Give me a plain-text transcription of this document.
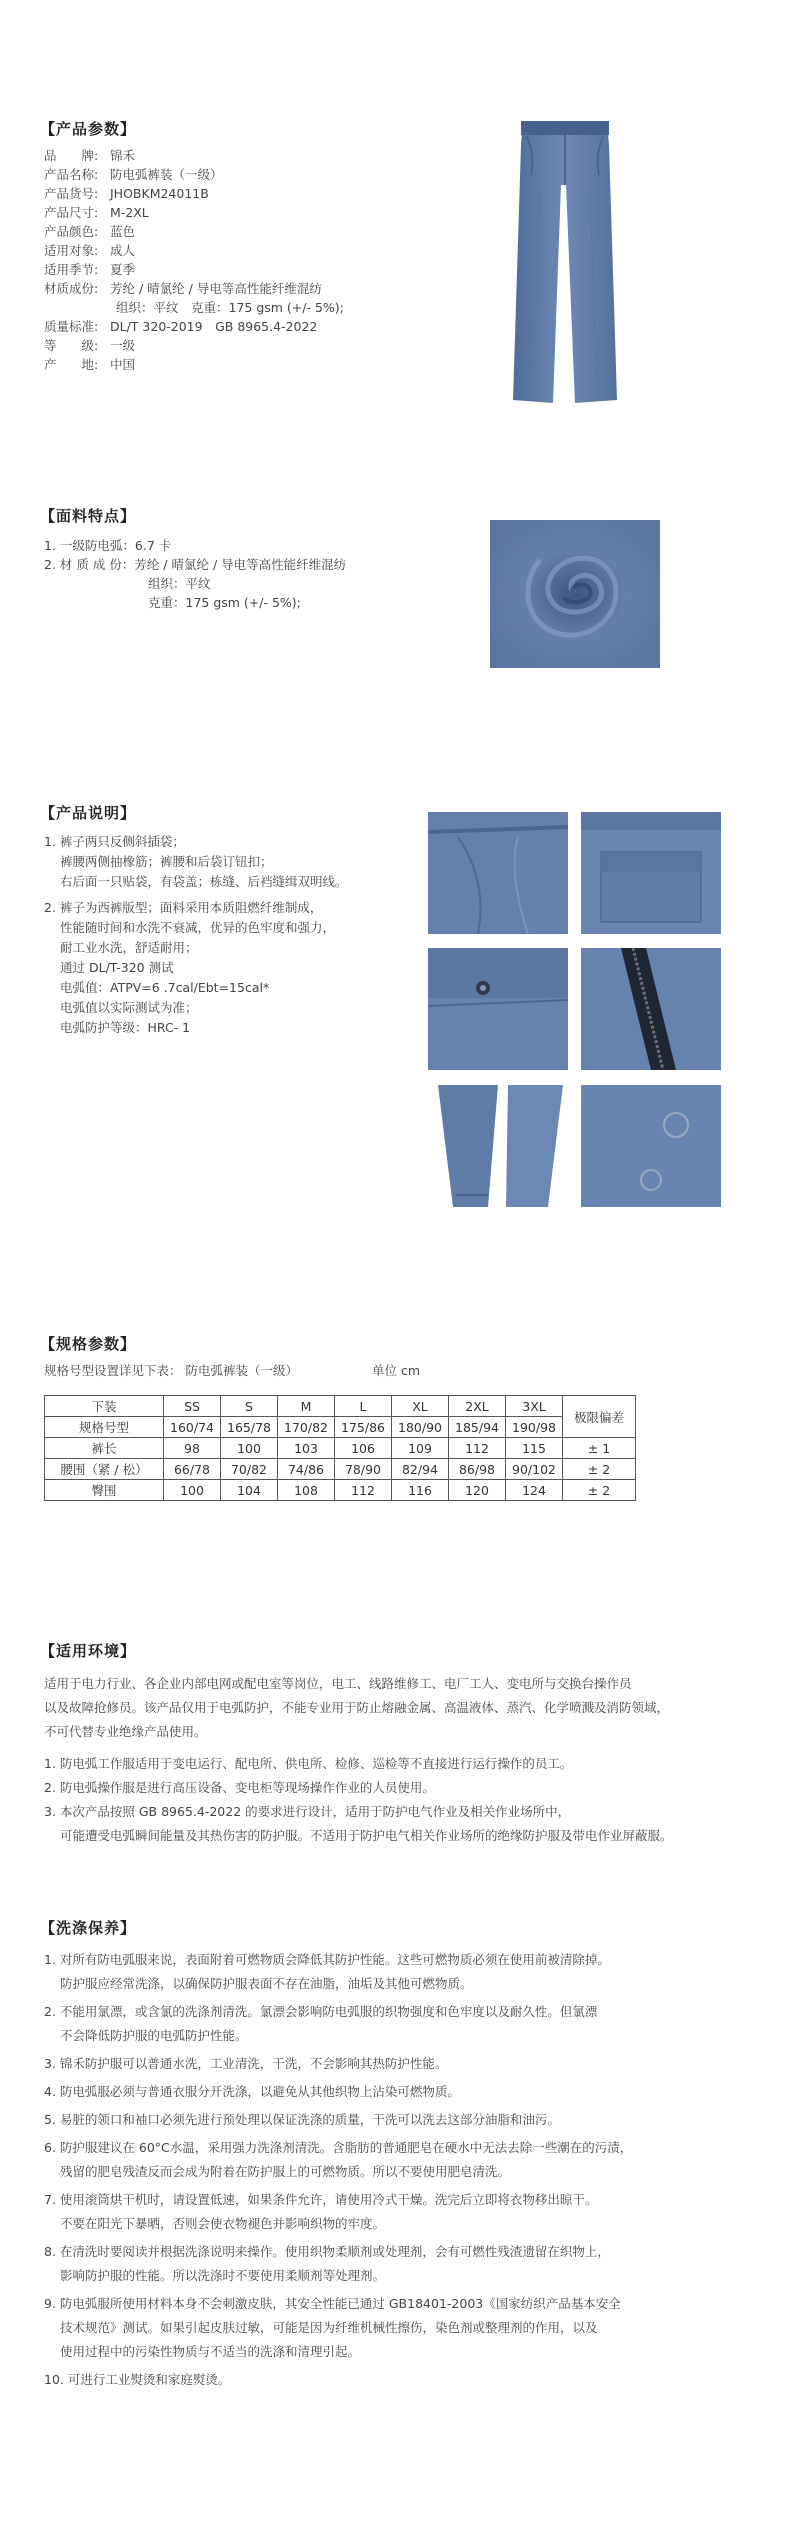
【产品参数】
品　　牌: 锦禾
产品名称: 防电弧裤装（一级）
产品货号: JHOBKM24011B
产品尺寸: M-2XL
产品颜色: 蓝色
适用对象: 成人
适用季节: 夏季
材质成份: 芳纶 / 晴氯纶 / 导电等高性能纤维混纺
组织：平纹　克重：175 gsm (+/- 5%);
质量标准: DL/T 320-2019　GB 8965.4-2022
等　　级: 一级
产　　地: 中国
【面料特点】
1. 一级防电弧：6.7 卡
2. 材 质 成 份：芳纶 / 晴氯纶 / 导电等高性能纤维混纺
组织：平纹
克重：175 gsm (+/- 5%);
【产品说明】
1. 裤子两只反侧斜插袋；
裤腰两侧抽橡筋；裤腰和后袋订钮扣；
右后面一只贴袋，有袋盖；栋缝、后裆缝缉双明线。
2. 裤子为西裤版型；面料采用本质阻燃纤维制成，
性能随时间和水洗不衰减，优异的色牢度和强力，
耐工业水洗，舒适耐用；
通过 DL/T-320 测试
电弧值：ATPV=6 .7cal/Ebt=15cal*
电弧值以实际测试为准；
电弧防护等级：HRC- 1
【规格参数】
规格号型设置详见下表： 防电弧裤装（一级）	单位 cm
下装	SS	S	M	L	XL	2XL	3XL	极限偏差
规格号型	160/74	165/78	170/82	175/86	180/90	185/94	190/98	
裤长	98	100	103	106	109	112	115	± 1
腰围（紧 / 松）	66/78	70/82	74/86	78/90	82/94	86/98	90/102	± 2
臀围	100	104	108	112	116	120	124	± 2
【适用环境】
适用于电力行业、各企业内部电网或配电室等岗位，电工、线路维修工、电厂工人、变电所与交换台操作员
以及故障抢修员。该产品仅用于电弧防护，不能专业用于防止熔融金属、高温液体、蒸汽、化学喷溅及消防领域，
不可代替专业绝缘产品使用。
1. 防电弧工作服适用于变电运行、配电所、供电所、检修、巡检等不直接进行运行操作的员工。
2. 防电弧操作服是进行高压设备、变电柜等现场操作作业的人员使用。
3. 本次产品按照 GB 8965.4-2022 的要求进行设计，适用于防护电气作业及相关作业场所中，
可能遭受电弧瞬间能量及其热伤害的防护服。不适用于防护电气相关作业场所的绝缘防护服及带电作业屏蔽服。
【洗涤保养】

1. 对所有防电弧服来说，表面附着可燃物质会降低其防护性能。这些可燃物质必须在使用前被清除掉。
防护服应经常洗涤，以确保防护服表面不存在油脂，油垢及其他可燃物质。

2. 不能用氯漂，或含氯的洗涤剂清洗。氯漂会影响防电弧服的织物强度和色牢度以及耐久性。但氯漂
不会降低防护服的电弧防护性能。

3. 锦禾防护服可以普通水洗，工业清洗，干洗，不会影响其热防护性能。

4. 防电弧服必须与普通衣服分开洗涤，以避免从其他织物上沾染可燃物质。

5. 易脏的领口和袖口必须先进行预处理以保证洗涤的质量，干洗可以洗去这部分油脂和油污。

6. 防护服建议在 60°C水温，采用强力洗涤剂清洗。含脂肪的普通肥皂在硬水中无法去除一些潮在的污渍，
残留的肥皂残渣反而会成为附着在防护服上的可燃物质。所以不要使用肥皂清洗。

7. 使用滚筒烘干机时，请设置低速，如果条件允许，请使用冷式干燥。洗完后立即将衣物移出晾干。
不要在阳光下暴晒，否则会使衣物褪色并影响织物的牢度。

8. 在清洗时要阅读并根据洗涤说明来操作。使用织物柔顺剂或处理剂，会有可燃性残渣遗留在织物上，
影响防护服的性能。所以洗涤时不要使用柔顺剂等处理剂。

9. 防电弧服所使用材料本身不会刺激皮肤，其安全性能已通过 GB18401-2003《国家纺织产品基本安全
技术规范》测试。如果引起皮肤过敏，可能是因为纤维机械性擦伤，染色剂或整理剂的作用，以及
使用过程中的污染性物质与不适当的洗涤和清理引起。

10. 可进行工业熨烫和家庭熨烫。
